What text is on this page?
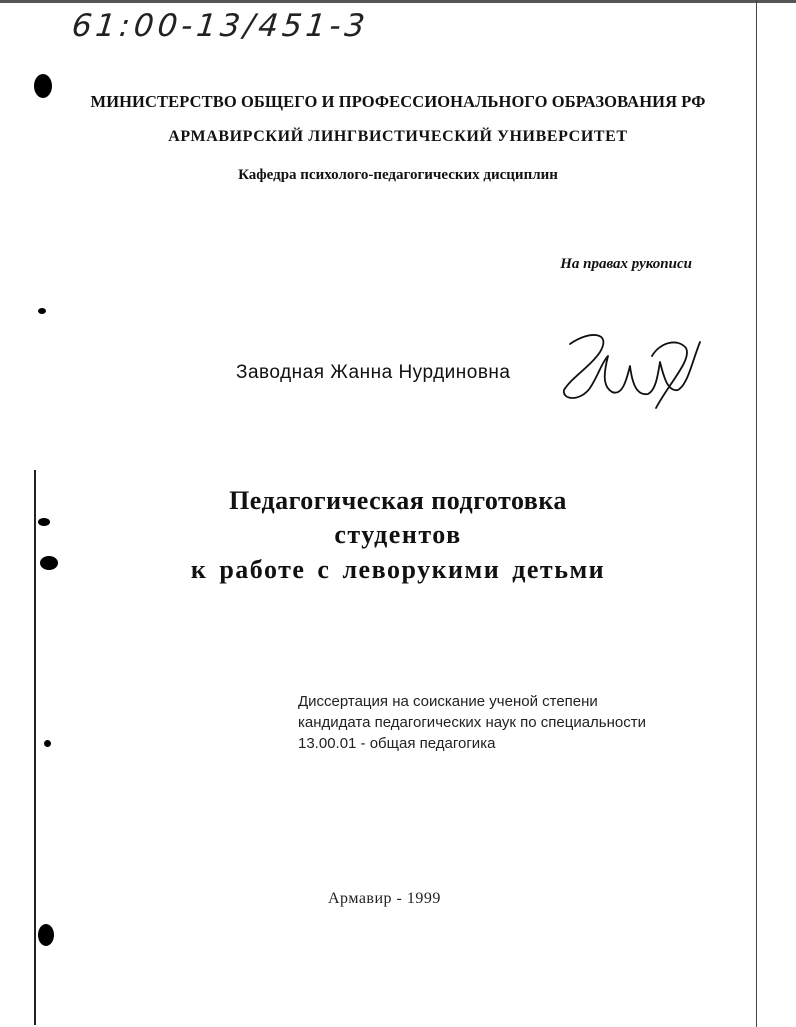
61:00-13/451-3
МИНИСТЕРСТВО ОБЩЕГО И ПРОФЕССИОНАЛЬНОГО ОБРАЗОВАНИЯ РФ
АРМАВИРСКИЙ ЛИНГВИСТИЧЕСКИЙ УНИВЕРСИТЕТ
Кафедра психолого-педагогических дисциплин
На правах рукописи
Заводная Жанна Нурдиновна
Педагогическая подготовка
студентов
к работе с леворукими детьми
Диссертация на соискание ученой степени
кандидата педагогических наук по специальности
13.00.01 - общая педагогика
Армавир - 1999
